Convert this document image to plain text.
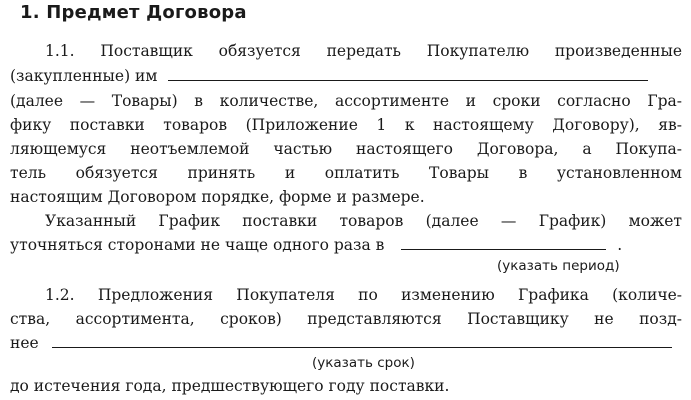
1. Предмет Договора
1.1. Поставщик обязуется передать Покупателю произведенные
(закупленные) им
(далее — Товары) в количестве, ассортименте и сроки согласно Гра-
фику поставки товаров (Приложение 1 к настоящему Договору), яв-
ляющемуся неотъемлемой частью настоящего Договора, а Покупа-
тель обязуется принять и оплатить Товары в установленном
настоящим Договором порядке, форме и размере.
Указанный График поставки товаров (далее — График) может
уточняться сторонами не чаще одного раза в	.
(указать период)
1.2. Предложения Покупателя по изменению Графика (количе-
ства, ассортимента, сроков) представляются Поставщику не позд-
нее
(указать срок)
до истечения года, предшествующего году поставки.
